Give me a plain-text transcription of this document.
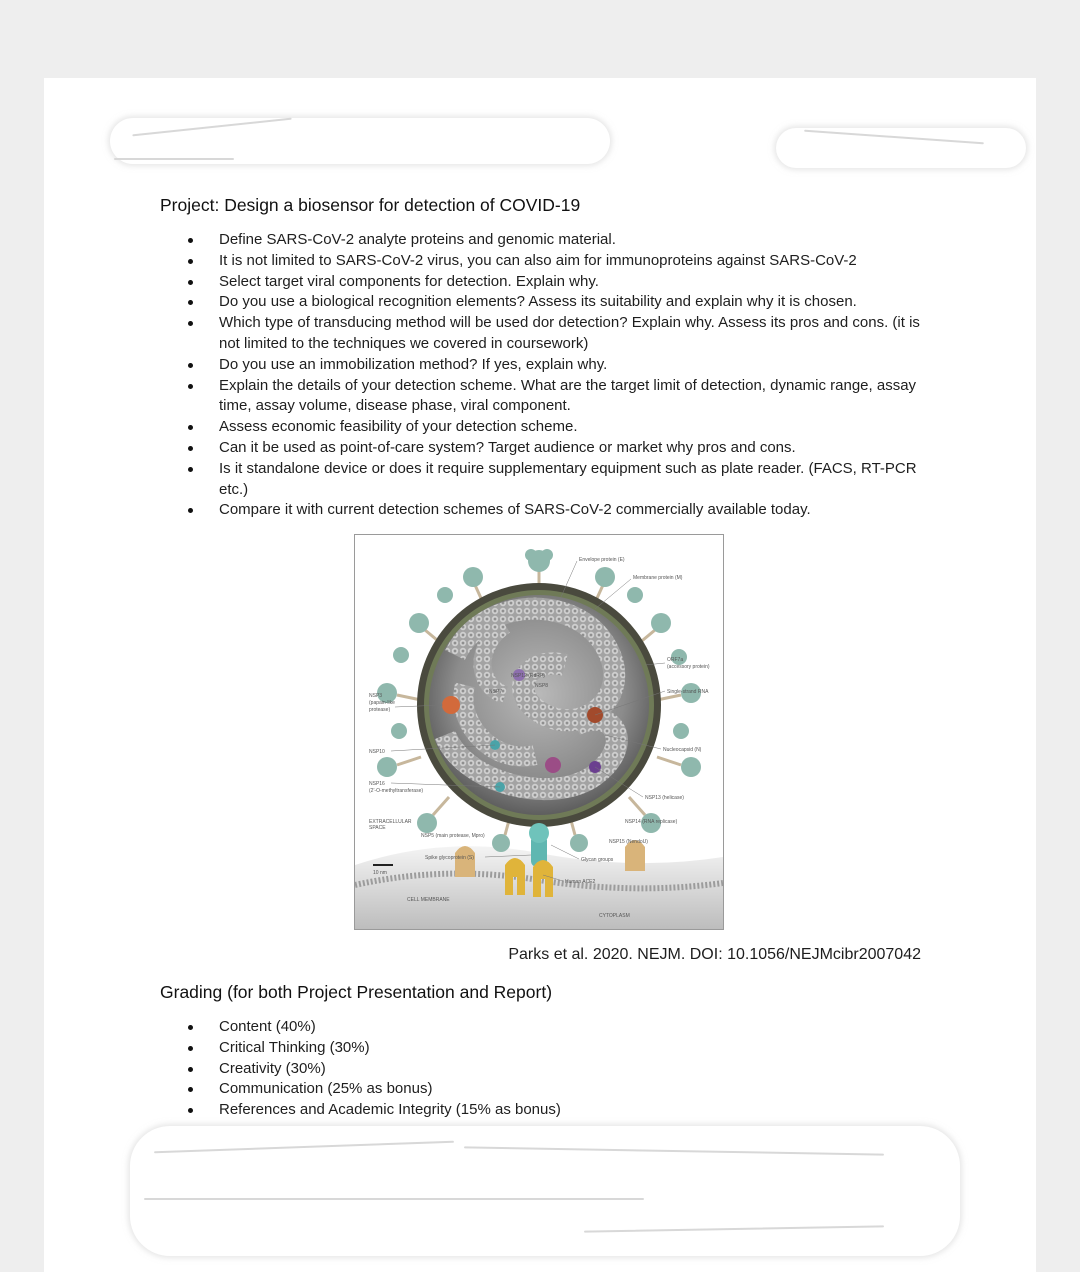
Project: Design a biosensor for detection of COVID-19
Define SARS-CoV-2 analyte proteins and genomic material.
It is not limited to SARS-CoV-2 virus, you can also aim for immunoproteins against SARS-CoV-2
Select target viral components for detection. Explain why.
Do you use a biological recognition elements? Assess its suitability and explain why it is chosen.
Which type of transducing method will be used dor detection? Explain why. Assess its pros and cons. (it is not limited to the techniques we covered in coursework)
Do you use an immobilization method? If yes, explain why.
Explain the details of your detection scheme. What are the target limit of detection, dynamic range, assay time, assay volume, disease phase, viral component.
Assess economic feasibility of your detection scheme.
Can it be used as point-of-care system? Target audience or market why pros and cons.
Is it standalone device or does it require supplementary equipment such as plate reader. (FACS, RT-PCR etc.)
Compare it with current detection schemes of SARS-CoV-2 commercially available today.
Envelope protein (E)
Membrane protein (M)
ORF7a
(accessory protein)
Single-strand RNA
NSP12 (RdRP)
NSP7
NSP8
NSP3
(papain-like
protease)
NSP10	Nucleocapsid (N)
NSP16
(2'-O-methyltransferase)
NSP13 (helicase)
EXTRACELLULAR
SPACE
NSP14 (RNA replicase)
NSP5 (main protease, Mpro)
NSP15 (NendoU)
Spike glycoprotein (S)	Glycan groups
10 nm
Human ACE2
CELL MEMBRANE
CYTOPLASM
Parks et al. 2020. NEJM. DOI: 10.1056/NEJMcibr2007042
Grading (for both Project Presentation and Report)
Content (40%)
Critical Thinking (30%)
Creativity (30%)
Communication (25% as bonus)
References and Academic Integrity (15% as bonus)
